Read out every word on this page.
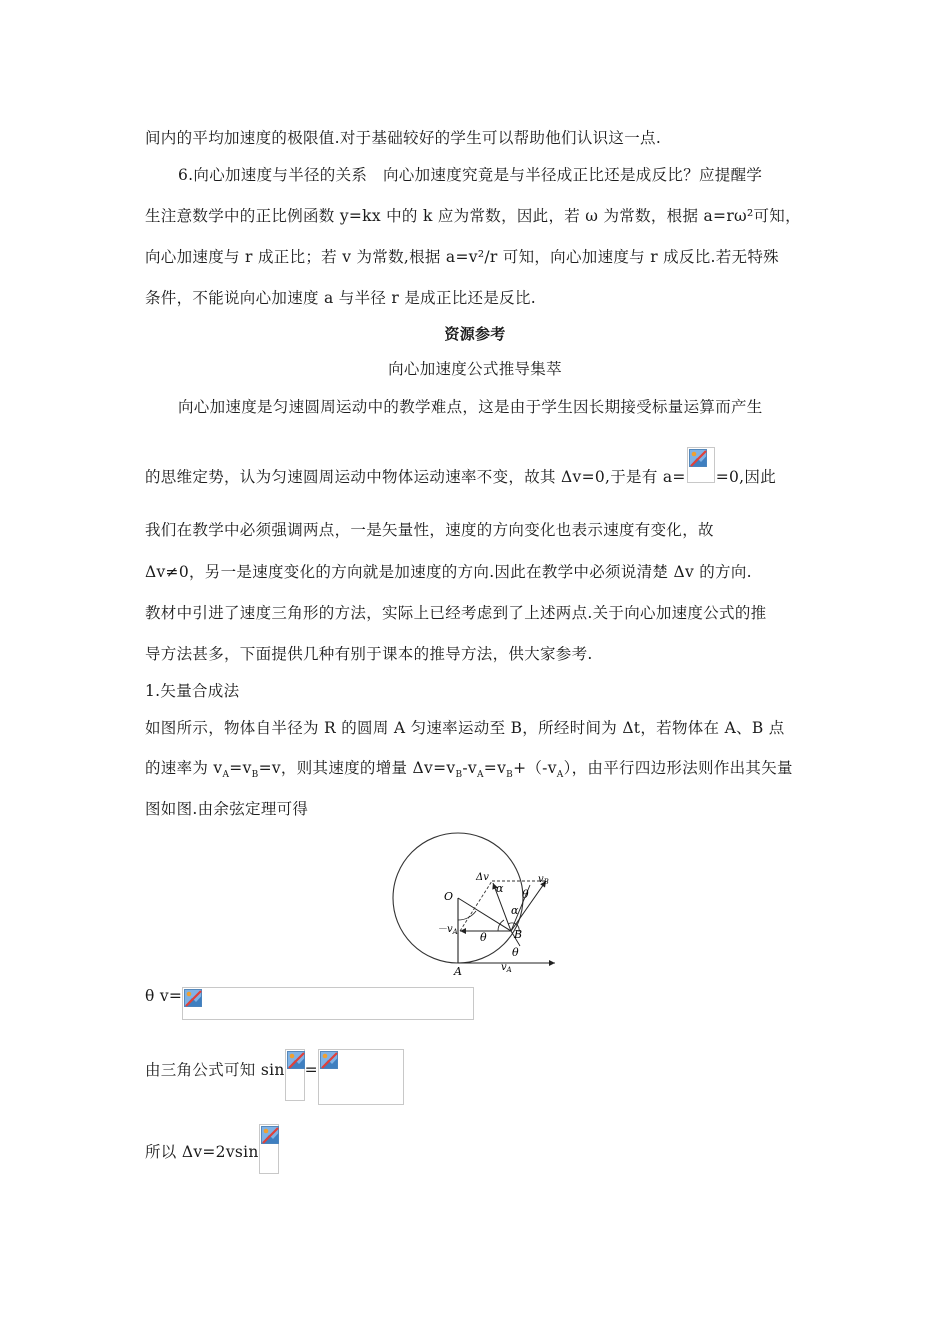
间内的平均加速度的极限值.对于基础较好的学生可以帮助他们认识这一点.
6.向心加速度与半径的关系　向心加速度究竟是与半径成正比还是成反比？应提醒学
生注意数学中的正比例函数 y=kx 中的 k 应为常数，因此，若 ω 为常数，根据 a=rω²可知，
向心加速度与 r 成正比；若 v 为常数,根据 a=v²/r 可知，向心加速度与 r 成反比.若无特殊
条件，不能说向心加速度 a 与半径 r 是成正比还是反比.
资源参考
向心加速度公式推导集萃
向心加速度是匀速圆周运动中的教学难点，这是由于学生因长期接受标量运算而产生
的思维定势，认为匀速圆周运动中物体运动速率不变，故其 Δv=0,于是有 a= =0,因此
我们在教学中必须强调两点，一是矢量性，速度的方向变化也表示速度有变化，故
Δv≠0，另一是速度变化的方向就是加速度的方向.因此在教学中必须说清楚 Δv 的方向.
教材中引进了速度三角形的方法，实际上已经考虑到了上述两点.关于向心加速度公式的推
导方法甚多，下面提供几种有别于课本的推导方法，供大家参考.
1.矢量合成法
如图所示，物体自半径为 R 的圆周 A 匀速率运动至 B，所经时间为 Δt，若物体在 A、B 点
的速率为 $v_A=v_B=v$，则其速度的增量 $\Delta v=v_B-v_A=v_B+(-v_A)$，由平行四边形法则作出其矢量
图如图.由余弦定理可得
O
A
B
Δv	$v_B$
$v_A$
$-v_A$
α
α
θ
θ
θ
θ v=
由三角公式可知 sin =
所以 Δv=2vsin
